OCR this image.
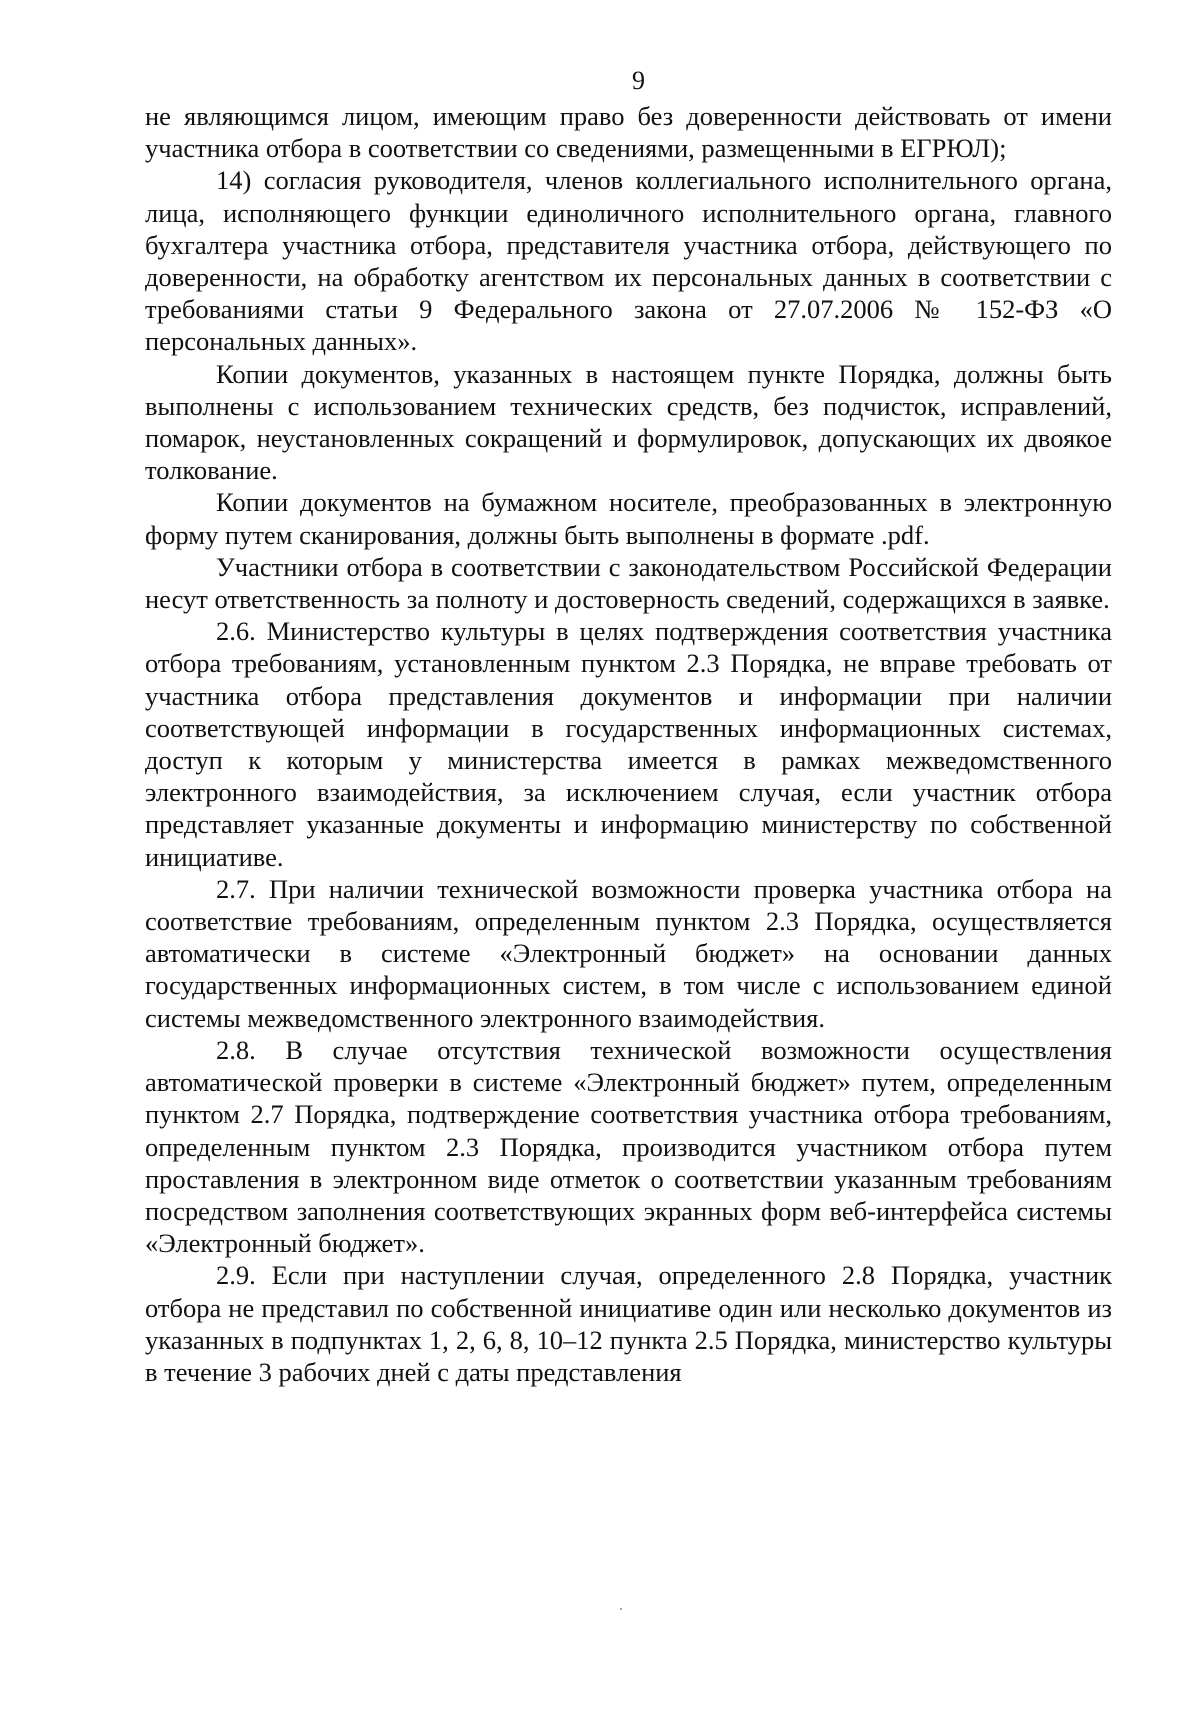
9

не являющимся лицом, имеющим право без доверенности действовать от имени участника отбора в соответствии со сведениями, размещенными в ЕГРЮЛ);

14) согласия руководителя, членов коллегиального исполнительного органа, лица, исполняющего функции единоличного исполнительного органа, главного бухгалтера участника отбора, представителя участника отбора, действующего по доверенности, на обработку агентством их персональных данных в соответствии с требованиями статьи 9 Федерального закона от 27.07.2006 № 152-ФЗ «О персональных данных».

Копии документов, указанных в настоящем пункте Порядка, должны быть выполнены с использованием технических средств, без подчисток, исправлений, помарок, неустановленных сокращений и формулировок, допускающих их двоякое толкование.

Копии документов на бумажном носителе, преобразованных в электронную форму путем сканирования, должны быть выполнены в формате .pdf.

Участники отбора в соответствии с законодательством Российской Федерации несут ответственность за полноту и достоверность сведений, содержащихся в заявке.

2.6. Министерство культуры в целях подтверждения соответствия участника отбора требованиям, установленным пунктом 2.3 Порядка, не вправе требовать от участника отбора представления документов и информации при наличии соответствующей информации в государственных информационных системах, доступ к которым у министерства имеется в рамках межведомственного электронного взаимодействия, за исключением случая, если участник отбора представляет указанные документы и информацию министерству по собственной инициативе.

2.7. При наличии технической возможности проверка участника отбора на соответствие требованиям, определенным пунктом 2.3 Порядка, осуществляется автоматически в системе «Электронный бюджет» на основании данных государственных информационных систем, в том числе с использованием единой системы межведомственного электронного взаимодействия.

2.8. В случае отсутствия технической возможности осуществления автоматической проверки в системе «Электронный бюджет» путем, определенным пунктом 2.7 Порядка, подтверждение соответствия участника отбора требованиям, определенным пунктом 2.3 Порядка, производится участником отбора путем проставления в электронном виде отметок о соответствии указанным требованиям посредством заполнения соответствующих экранных форм веб-интерфейса системы «Электронный бюджет».

2.9. Если при наступлении случая, определенного 2.8 Порядка, участник отбора не представил по собственной инициативе один или несколько документов из указанных в подпунктах 1, 2, 6, 8, 10–12 пункта 2.5 Порядка, министерство культуры в течение 3 рабочих дней с даты представления
